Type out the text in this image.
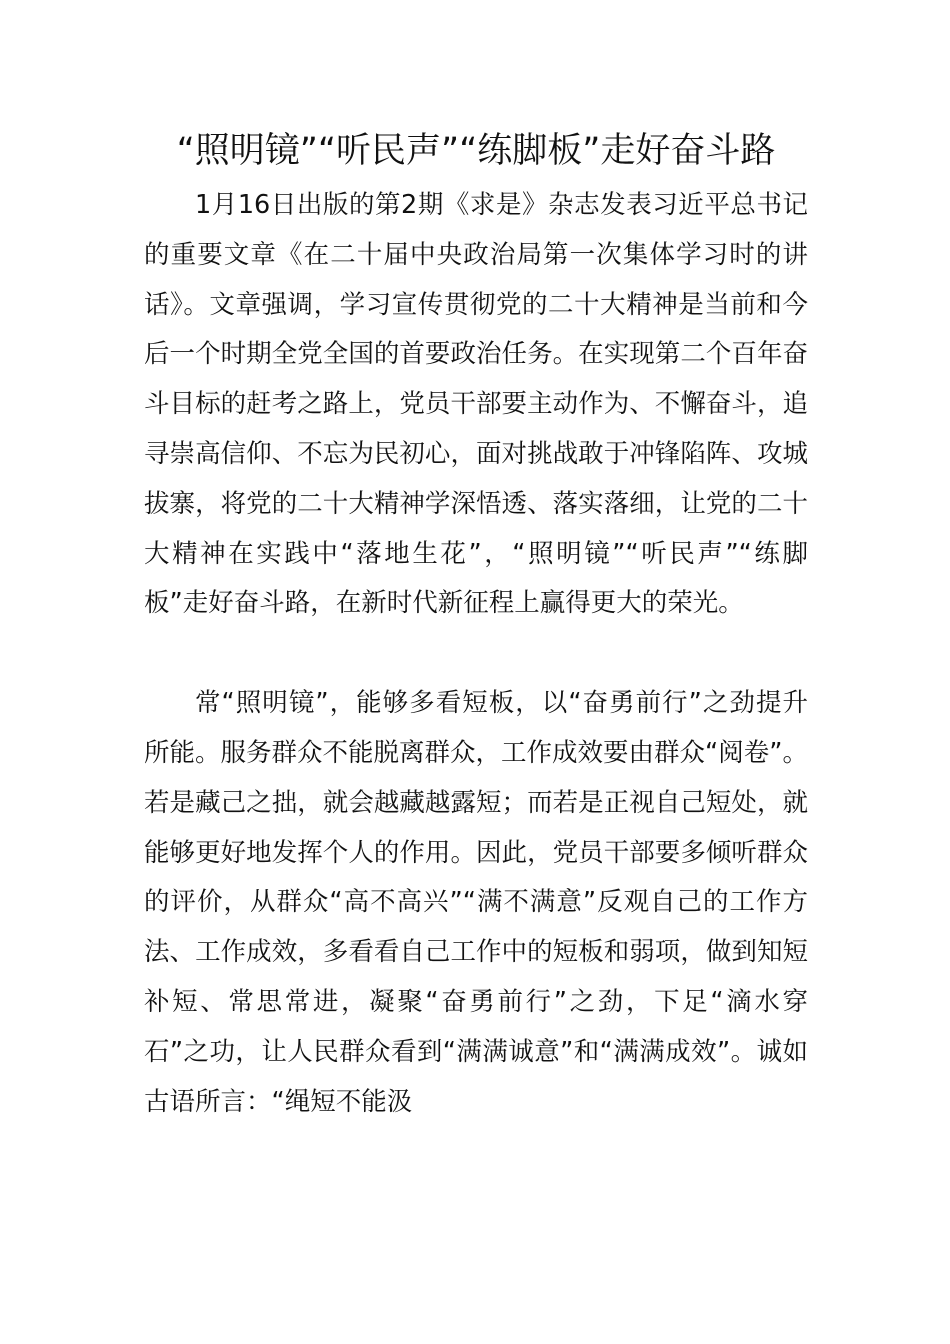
“照明镜”“听民声”“练脚板”走好奋斗路

1月16日出版的第2期《求是》杂志发表习近平总书记的重要文章《在二十届中央政治局第一次集体学习时的讲话》。文章强调，学习宣传贯彻党的二十大精神是当前和今后一个时期全党全国的首要政治任务。在实现第二个百年奋斗目标的赶考之路上，党员干部要主动作为、不懈奋斗，追寻崇高信仰、不忘为民初心，面对挑战敢于冲锋陷阵、攻城拔寨，将党的二十大精神学深悟透、落实落细，让党的二十大精神在实践中“落地生花”，“照明镜”“听民声”“练脚板”走好奋斗路，在新时代新征程上赢得更大的荣光。

常“照明镜”，能够多看短板，以“奋勇前行”之劲提升所能。服务群众不能脱离群众，工作成效要由群众“阅卷”。若是藏己之拙，就会越藏越露短；而若是正视自己短处，就能够更好地发挥个人的作用。因此，党员干部要多倾听群众的评价，从群众“高不高兴”“满不满意”反观自己的工作方法、工作成效，多看看自己工作中的短板和弱项，做到知短补短、常思常进，凝聚“奋勇前行”之劲，下足“滴水穿石”之功，让人民群众看到“满满诚意”和“满满成效”。诚如古语所言：“绳短不能汲
